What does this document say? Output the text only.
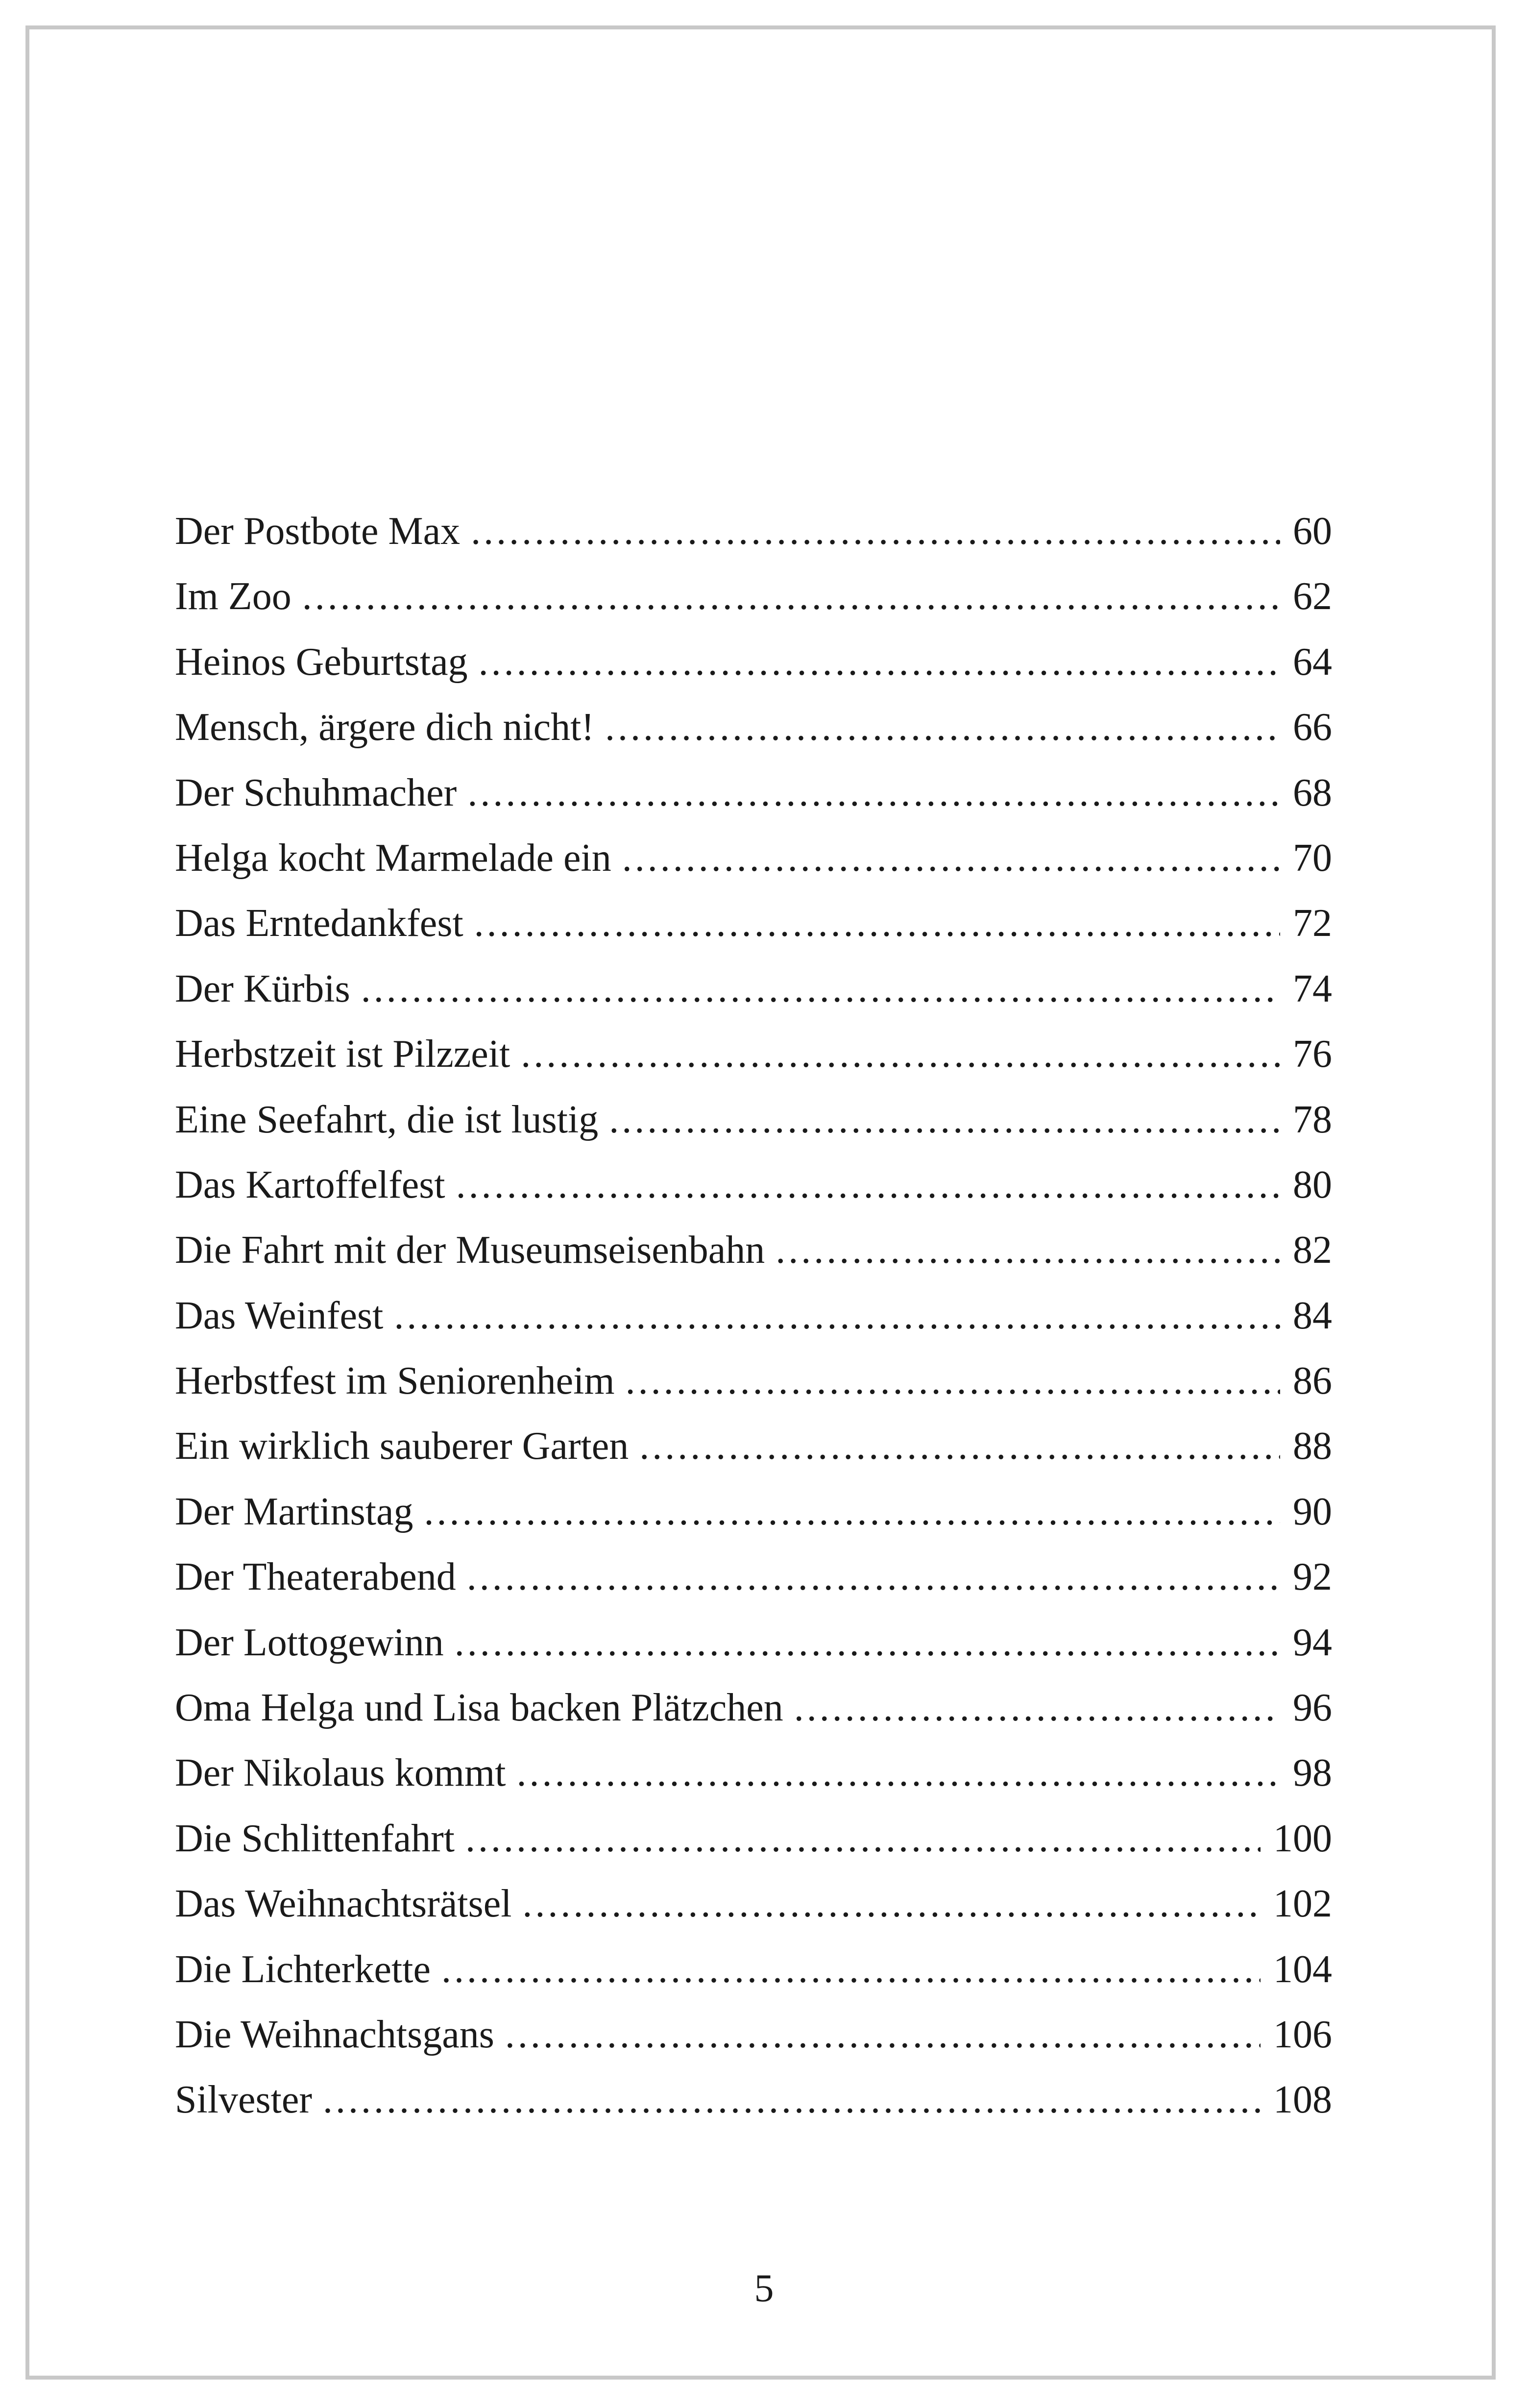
Der Postbote Max .....	60
Im Zoo .....	62
Heinos Geburtstag .....	64
Mensch, ärgere dich nicht! .....	66
Der Schuhmacher .....	68
Helga kocht Marmelade ein .....	70
Das Erntedankfest .....	72
Der Kürbis .....	74
Herbstzeit ist Pilzzeit .....	76
Eine Seefahrt, die ist lustig .....	78
Das Kartoffelfest .....	80
Die Fahrt mit der Museumseisenbahn .....	82
Das Weinfest .....	84
Herbstfest im Seniorenheim .....	86
Ein wirklich sauberer Garten .....	88
Der Martinstag .....	90
Der Theaterabend .....	92
Der Lottogewinn .....	94
Oma Helga und Lisa backen Plätzchen .....	96
Der Nikolaus kommt .....	98
Die Schlittenfahrt .....	100
Das Weihnachtsrätsel .....	102
Die Lichterkette .....	104
Die Weihnachtsgans .....	106
Silvester .....	108
5
